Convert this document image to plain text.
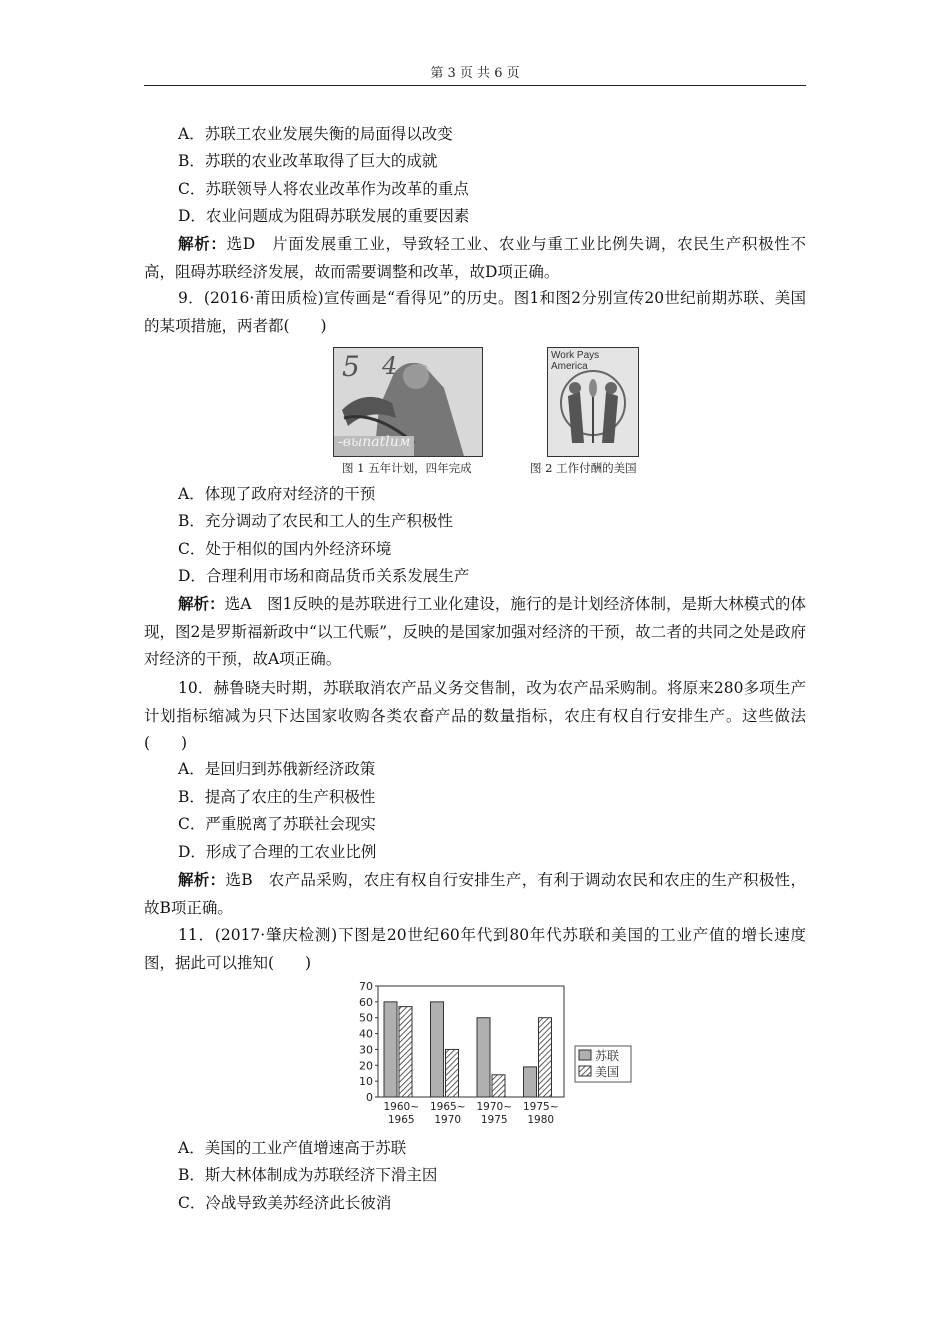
第 3 页 共 6 页
A．苏联工农业发展失衡的局面得以改变
B．苏联的农业改革取得了巨大的成就
C．苏联领导人将农业改革作为改革的重点
D．农业问题成为阻碍苏联发展的重要因素
解析：选D　片面发展重工业，导致轻工业、农业与重工业比例失调，农民生产积极性不高，阻碍苏联经济发展，故而需要调整和改革，故D项正确。
9．(2016·莆田质检)宣传画是“看得见”的历史。图1和图2分别宣传20世纪前期苏联、美国的某项措施，两者都(　　)
5 4
-выпаtlим
图 1 五年计划，四年完成
Work Pays America
图 2 工作付酬的美国
A．体现了政府对经济的干预
B．充分调动了农民和工人的生产积极性
C．处于相似的国内外经济环境
D．合理利用市场和商品货币关系发展生产
解析：选A　图1反映的是苏联进行工业化建设，施行的是计划经济体制，是斯大林模式的体现，图2是罗斯福新政中“以工代赈”，反映的是国家加强对经济的干预，故二者的共同之处是政府对经济的干预，故A项正确。
10．赫鲁晓夫时期，苏联取消农产品义务交售制，改为农产品采购制。将原来280多项生产计划指标缩减为只下达国家收购各类农畜产品的数量指标，农庄有权自行安排生产。这些做法(　　)
A．是回归到苏俄新经济政策
B．提高了农庄的生产积极性
C．严重脱离了苏联社会现实
D．形成了合理的工农业比例
解析：选B　农产品采购，农庄有权自行安排生产，有利于调动农民和农庄的生产积极性，故B项正确。
11．(2017·肇庆检测)下图是20世纪60年代到80年代苏联和美国的工业产值的增长速度图，据此可以推知(　　)
0
10
20
30
40
50
60
70
1960~
1965
1965~
1970
1970~
1975
1975~
1980
苏联
美国
A．美国的工业产值增速高于苏联
B．斯大林体制成为苏联经济下滑主因
C．冷战导致美苏经济此长彼消
